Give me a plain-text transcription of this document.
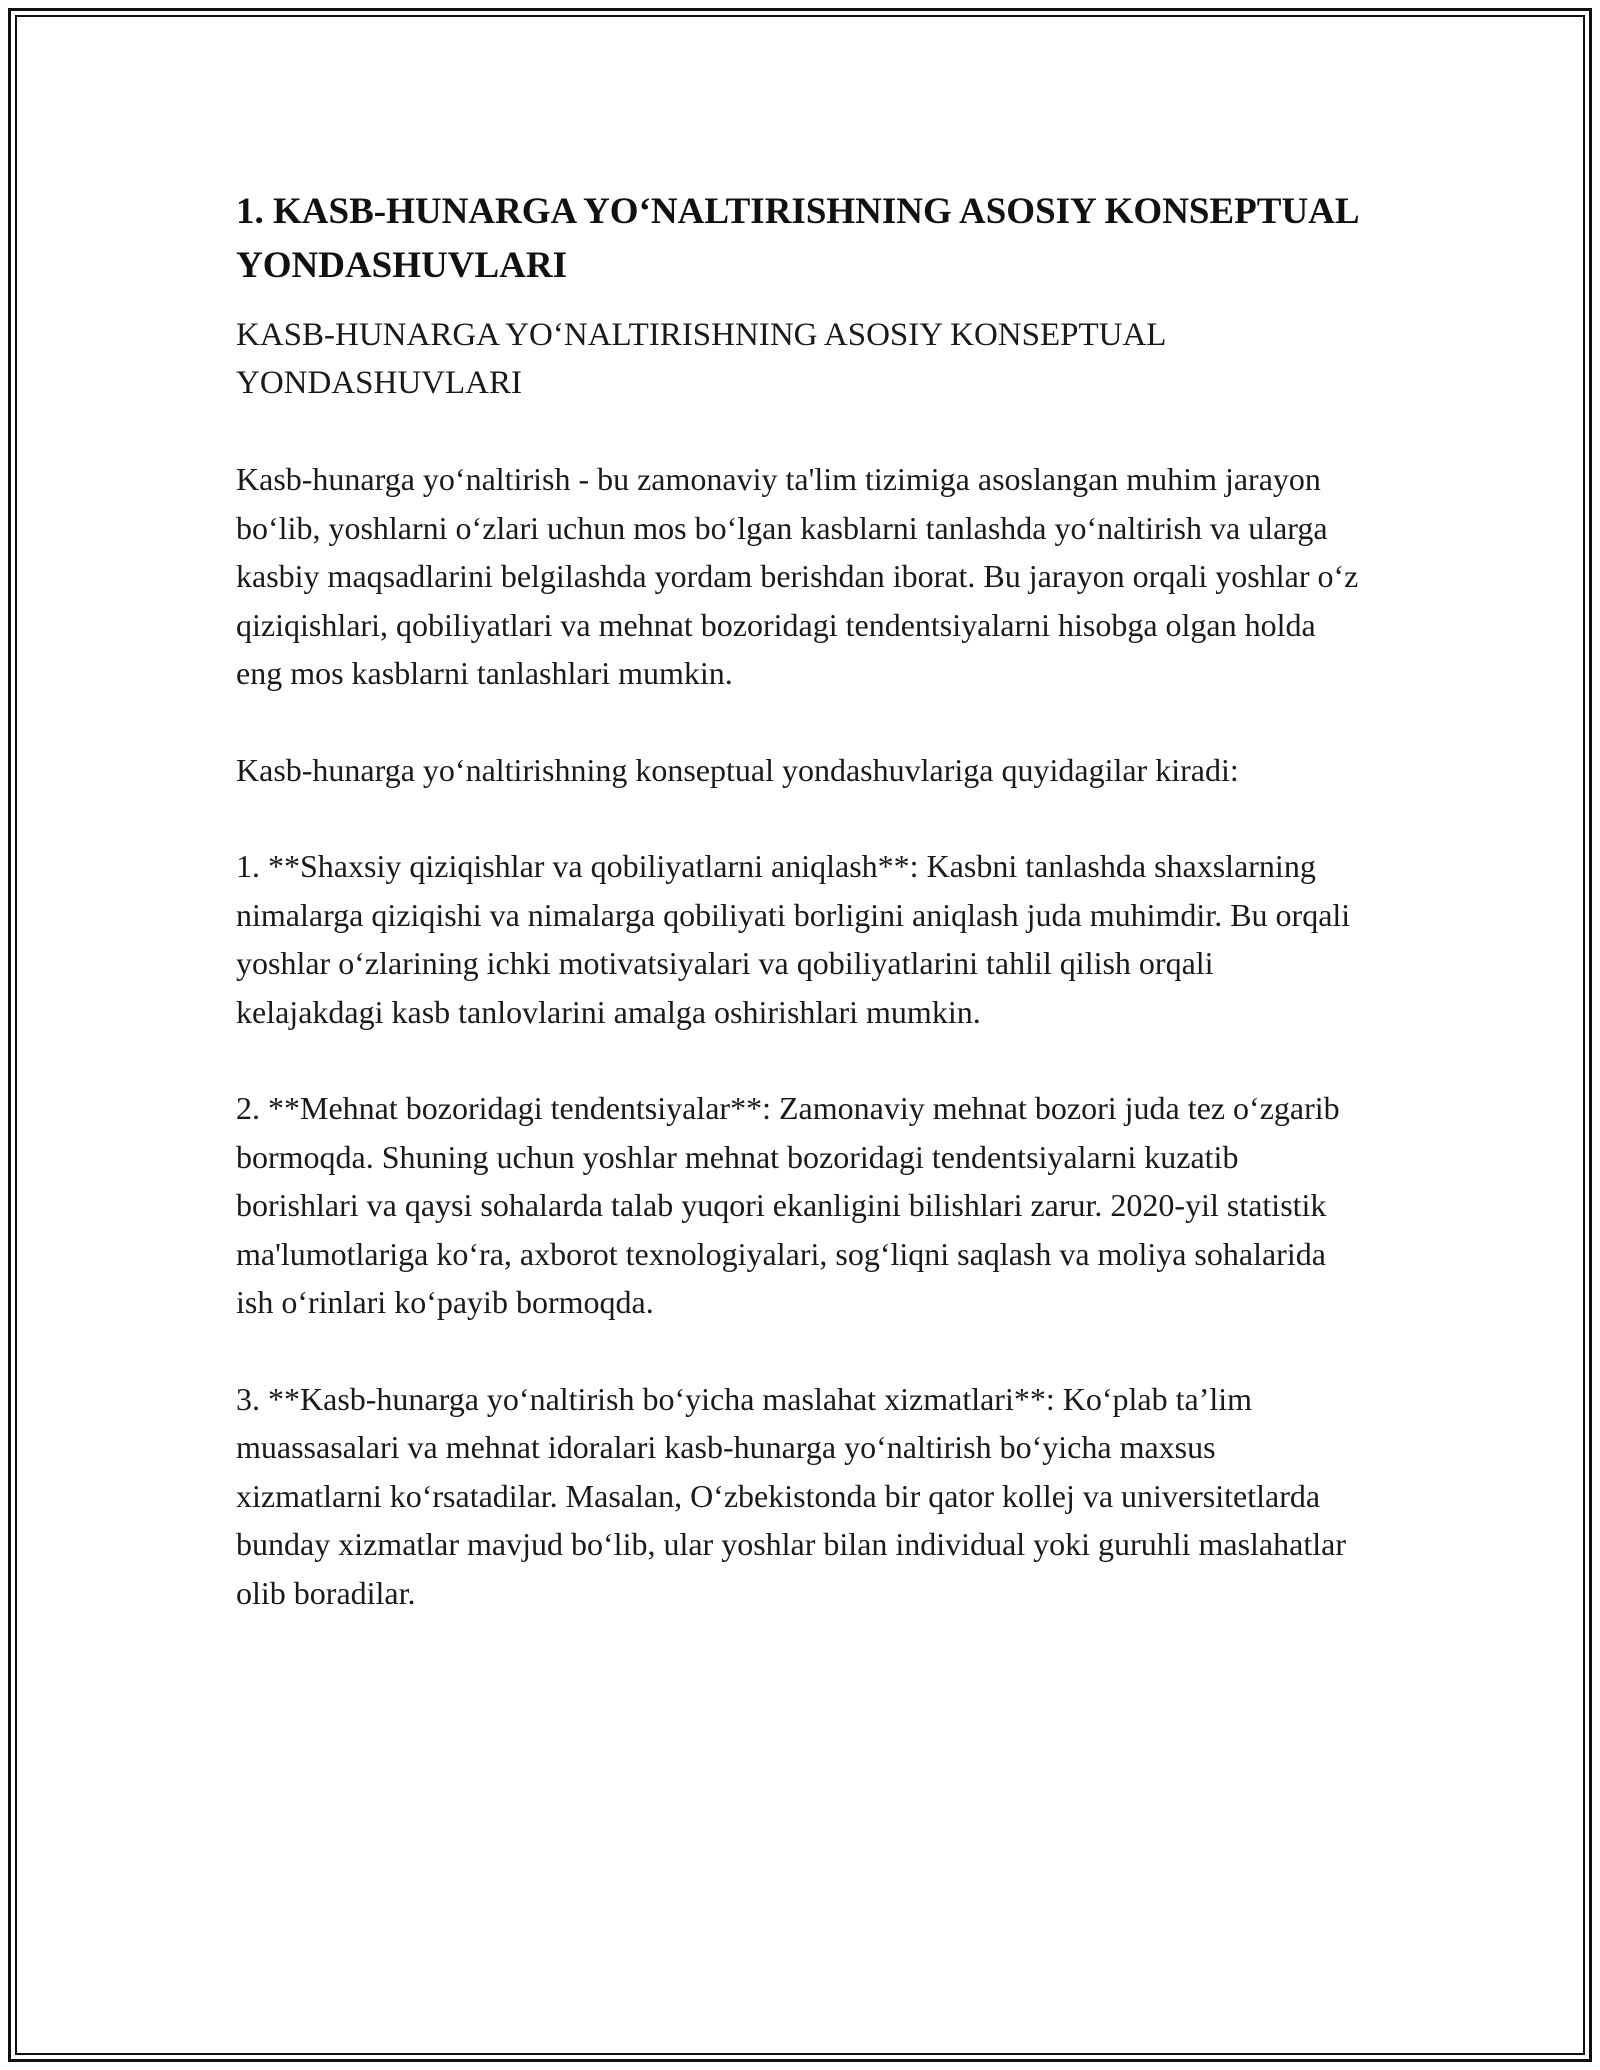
1. KASB-HUNARGA YO‘NALTIRISHNING ASOSIY KONSEPTUAL YONDASHUVLARI
KASB-HUNARGA YO‘NALTIRISHNING ASOSIY KONSEPTUAL YONDASHUVLARI

Kasb-hunarga yo‘naltirish - bu zamonaviy ta'lim tizimiga asoslangan muhim jarayon bo‘lib, yoshlarni o‘zlari uchun mos bo‘lgan kasblarni tanlashda yo‘naltirish va ularga kasbiy maqsadlarini belgilashda yordam berishdan iborat. Bu jarayon orqali yoshlar o‘z qiziqishlari, qobiliyatlari va mehnat bozoridagi tendentsiyalarni hisobga olgan holda eng mos kasblarni tanlashlari mumkin.

Kasb-hunarga yo‘naltirishning konseptual yondashuvlariga quyidagilar kiradi:

1. **Shaxsiy qiziqishlar va qobiliyatlarni aniqlash**: Kasbni tanlashda shaxslarning nimalarga qiziqishi va nimalarga qobiliyati borligini aniqlash juda muhimdir. Bu orqali yoshlar o‘zlarining ichki motivatsiyalari va qobiliyatlarini tahlil qilish orqali kelajakdagi kasb tanlovlarini amalga oshirishlari mumkin.

2. **Mehnat bozoridagi tendentsiyalar**: Zamonaviy mehnat bozori juda tez o‘zgarib bormoqda. Shuning uchun yoshlar mehnat bozoridagi tendentsiyalarni kuzatib borishlari va qaysi sohalarda talab yuqori ekanligini bilishlari zarur. 2020-yil statistik ma'lumotlariga ko‘ra, axborot texnologiyalari, sog‘liqni saqlash va moliya sohalarida ish o‘rinlari ko‘payib bormoqda.

3. **Kasb-hunarga yo‘naltirish bo‘yicha maslahat xizmatlari**: Ko‘plab ta’lim muassasalari va mehnat idoralari kasb-hunarga yo‘naltirish bo‘yicha maxsus xizmatlarni ko‘rsatadilar. Masalan, O‘zbekistonda bir qator kollej va universitetlarda bunday xizmatlar mavjud bo‘lib, ular yoshlar bilan individual yoki guruhli maslahatlar olib boradilar.
